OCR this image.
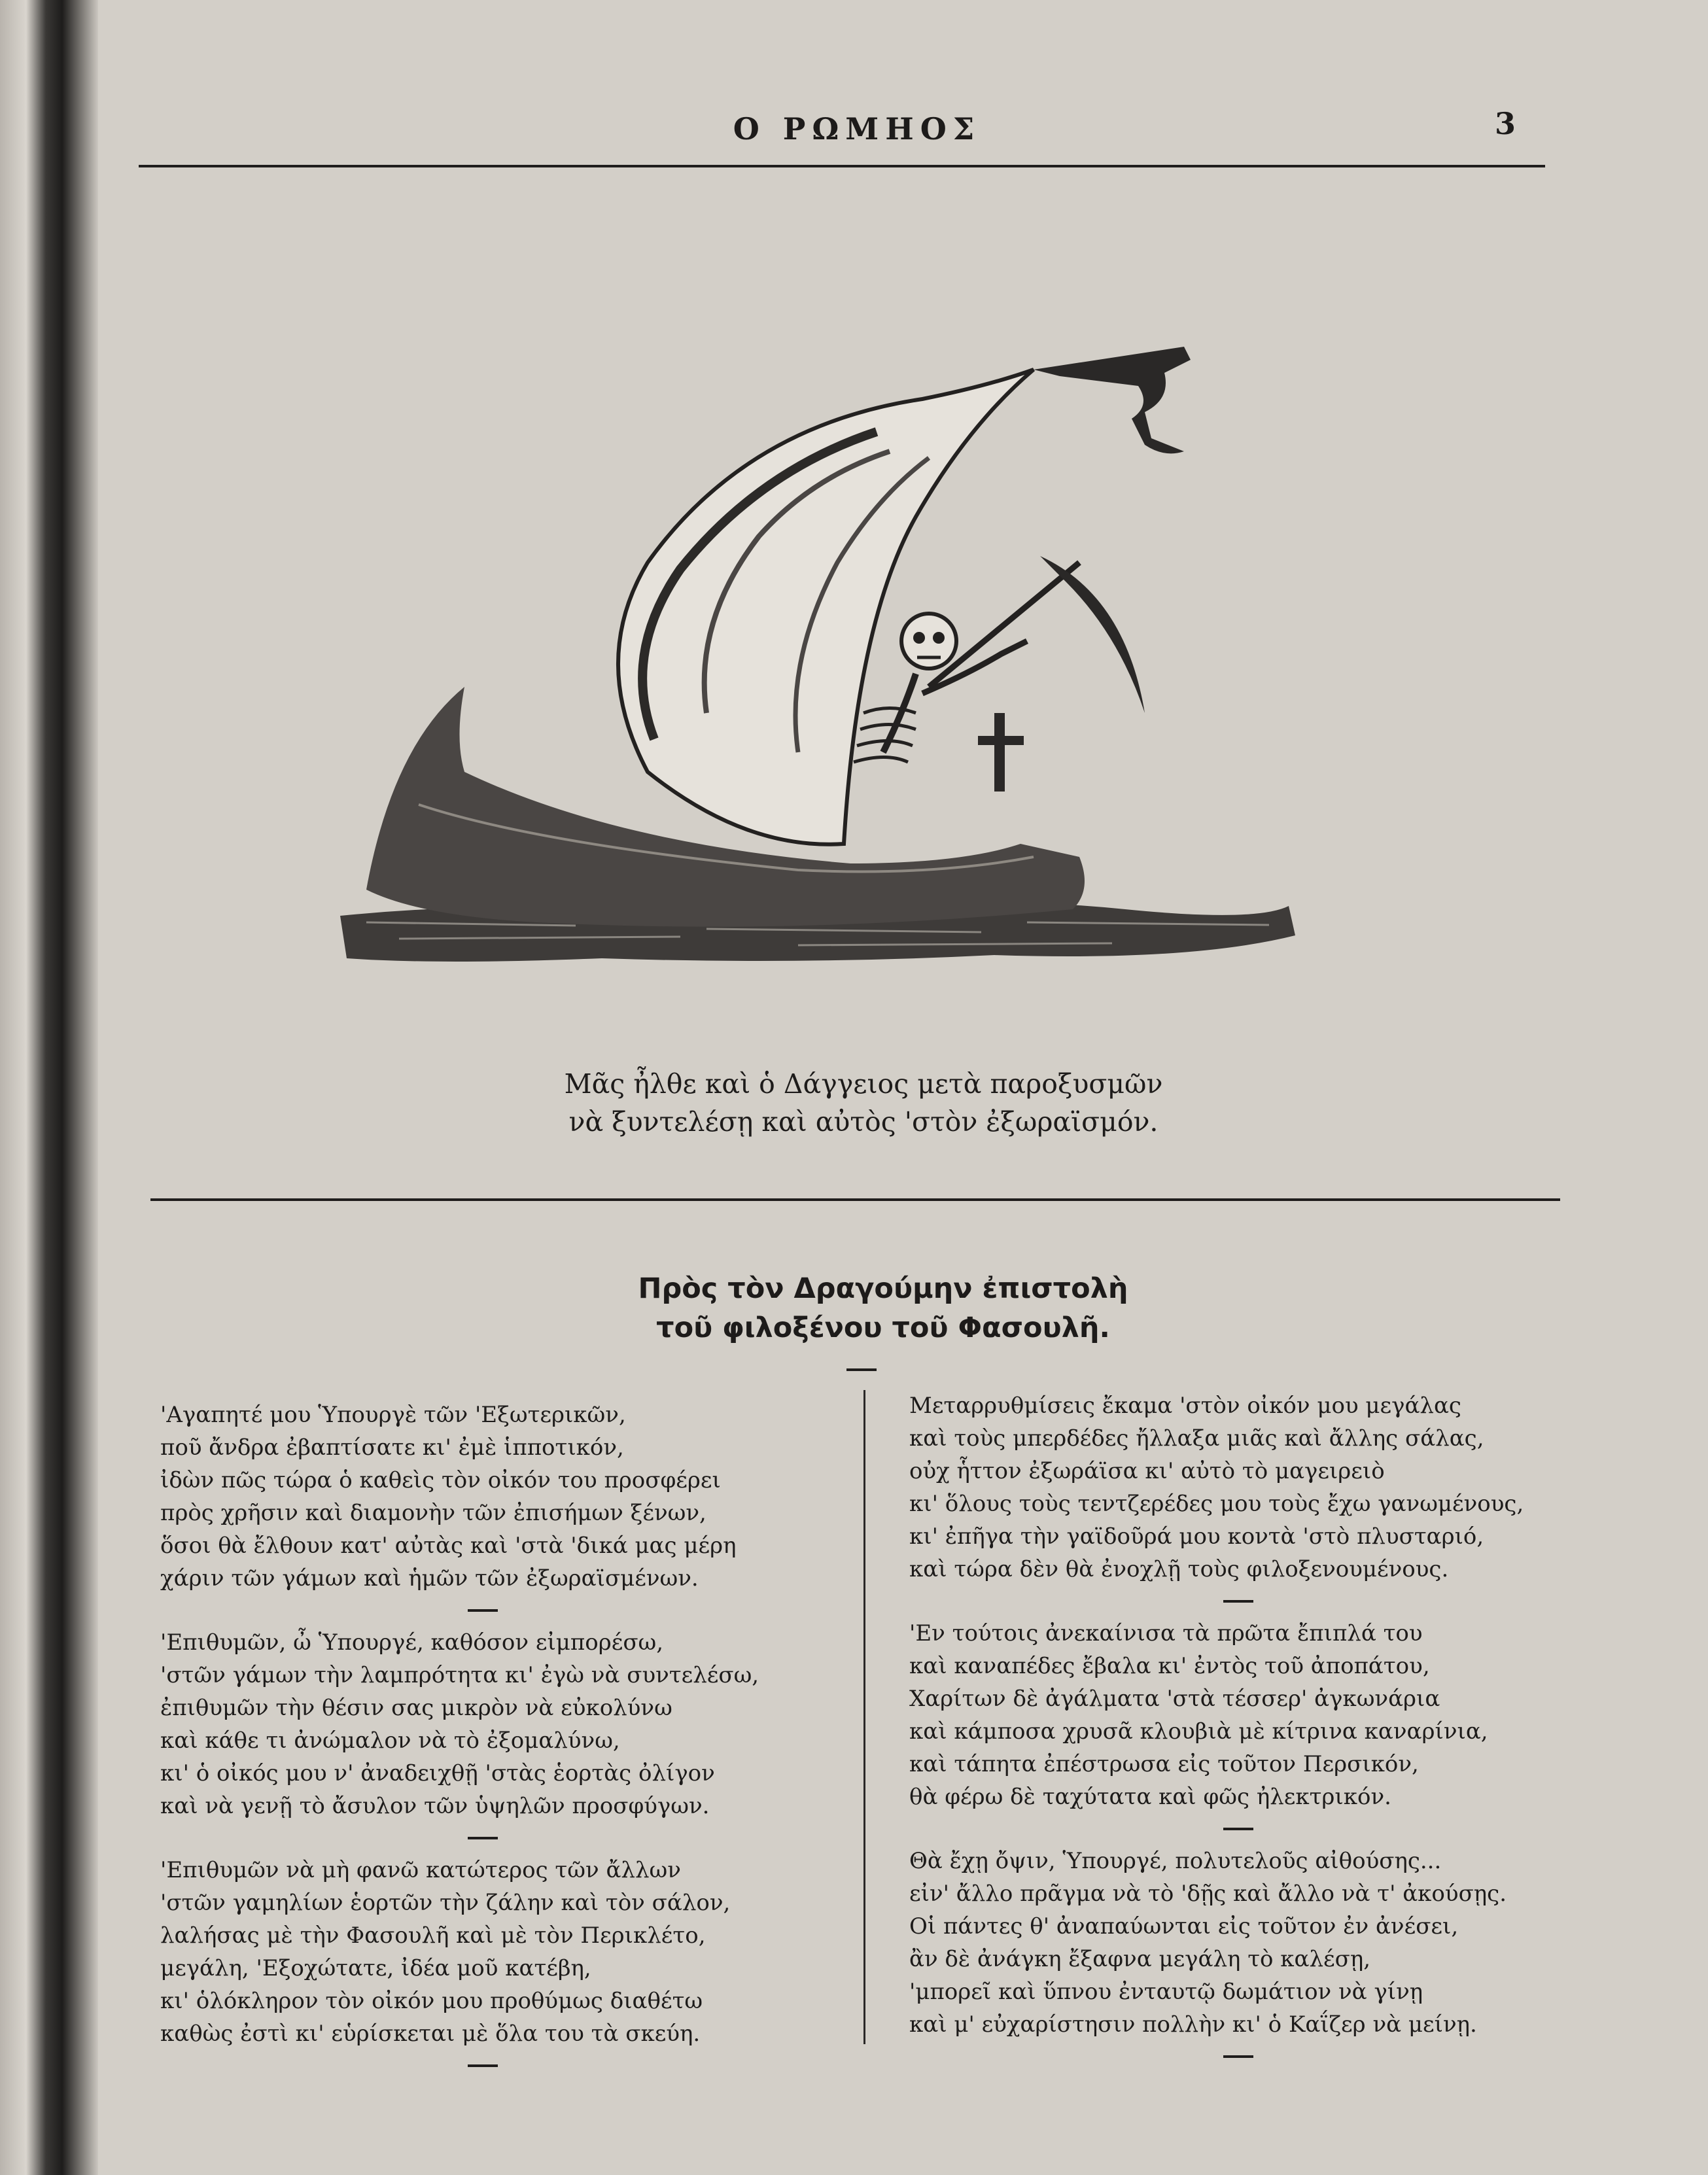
Ο ΡΩΜΗΟΣ	3
Μᾶς ἦλθε καὶ ὁ Δάγγειος μετὰ παροξυσμῶν
νὰ ξυντελέσῃ καὶ αὐτὸς 'στὸν ἐξωραϊσμόν.
Πρὸς τὸν Δραγούμην ἐπιστολὴ
τοῦ φιλοξένου τοῦ Φασουλῆ.
'Αγαπητέ μου Ὑπουργὲ τῶν 'Εξωτερικῶν,
ποῦ ἄνδρα ἐβαπτίσατε κι' ἐμὲ ἱπποτικόν,
ἰδὼν πῶς τώρα ὁ καθεὶς τὸν οἰκόν του προσφέρει
πρὸς χρῆσιν καὶ διαμονὴν τῶν ἐπισήμων ξένων,
ὅσοι θὰ ἔλθουν κατ' αὐτὰς καὶ 'στὰ 'δικά μας μέρη
χάριν τῶν γάμων καὶ ἡμῶν τῶν ἐξωραϊσμένων.
'Επιθυμῶν, ὦ Ὑπουργέ, καθόσον εἰμπορέσω,
'στῶν γάμων τὴν λαμπρότητα κι' ἐγὼ νὰ συντελέσω,
ἐπιθυμῶν τὴν θέσιν σας μικρὸν νὰ εὐκολύνω
καὶ κάθε τι ἀνώμαλον νὰ τὸ ἐξομαλύνω,
κι' ὁ οἰκός μου ν' ἀναδειχθῇ 'στὰς ἑορτὰς ὀλίγον
καὶ νὰ γενῇ τὸ ἄσυλον τῶν ὑψηλῶν προσφύγων.
'Επιθυμῶν νὰ μὴ φανῶ κατώτερος τῶν ἄλλων
'στῶν γαμηλίων ἑορτῶν τὴν ζάλην καὶ τὸν σάλον,
λαλήσας μὲ τὴν Φασουλῆ καὶ μὲ τὸν Περικλέτο,
μεγάλη, 'Εξοχώτατε, ἰδέα μοῦ κατέβη,
κι' ὁλόκληρον τὸν οἰκόν μου προθύμως διαθέτω
καθὼς ἐστὶ κι' εὑρίσκεται μὲ ὅλα του τὰ σκεύη.
Μεταρρυθμίσεις ἔκαμα 'στὸν οἰκόν μου μεγάλας
καὶ τοὺς μπερδέδες ἤλλαξα μιᾶς καὶ ἄλλης σάλας,
οὐχ ἧττον ἐξωράϊσα κι' αὐτὸ τὸ μαγειρειὸ
κι' ὅλους τοὺς τεντζερέδες μου τοὺς ἔχω γανωμένους,
κι' ἐπῆγα τὴν γαϊδοῦρά μου κοντὰ 'στὸ πλυσταριό,
καὶ τώρα δὲν θὰ ἐνοχλῇ τοὺς φιλοξενουμένους.
'Εν τούτοις ἀνεκαίνισα τὰ πρῶτα ἔπιπλά του
καὶ καναπέδες ἔβαλα κι' ἐντὸς τοῦ ἀποπάτου,
Χαρίτων δὲ ἀγάλματα 'στὰ τέσσερ' ἀγκωνάρια
καὶ κάμποσα χρυσᾶ κλουβιὰ μὲ κίτρινα καναρίνια,
καὶ τάπητα ἐπέστρωσα εἰς τοῦτον Περσικόν,
θὰ φέρω δὲ ταχύτατα καὶ φῶς ἠλεκτρικόν.
Θὰ ἔχῃ ὄψιν, Ὑπουργέ, πολυτελοῦς αἰθούσης...
εἰν' ἄλλο πρᾶγμα νὰ τὸ 'δῇς καὶ ἄλλο νὰ τ' ἀκούσῃς.
Οἱ πάντες θ' ἀναπαύωνται εἰς τοῦτον ἐν ἀνέσει,
ἂν δὲ ἀνάγκη ἔξαφνα μεγάλη τὸ καλέσῃ,
'μπορεῖ καὶ ὕπνου ἐνταυτῷ δωμάτιον νὰ γίνῃ
καὶ μ' εὐχαρίστησιν πολλὴν κι' ὁ Καΐζερ νὰ μείνῃ.
